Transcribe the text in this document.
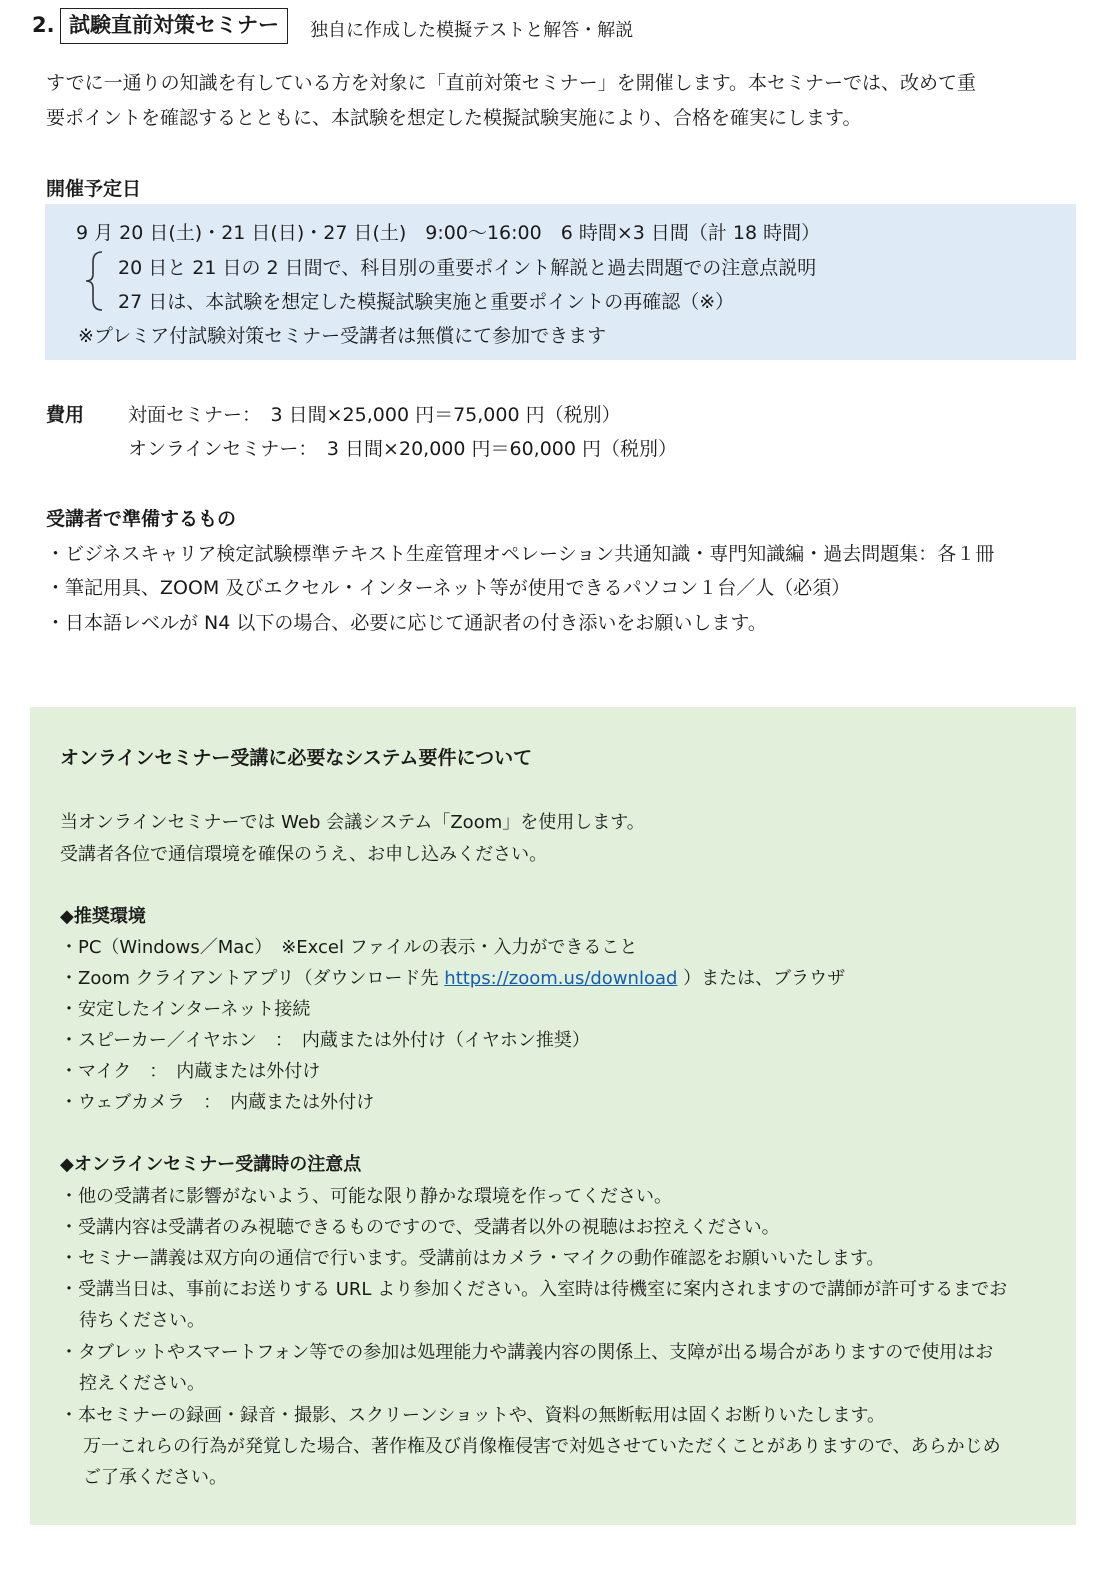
2. 試験直前対策セミナー	独自に作成した模擬テストと解答・解説
すでに一通りの知識を有している方を対象に「直前対策セミナー」を開催します。本セミナーでは、改めて重
要ポイントを確認するとともに、本試験を想定した模擬試験実施により、合格を確実にします。
開催予定日
9 月 20 日(土)・21 日(日)・27 日(土)　9:00〜16:00　6 時間×3 日間（計 18 時間）
20 日と 21 日の 2 日間で、科目別の重要ポイント解説と過去問題での注意点説明
27 日は、本試験を想定した模擬試験実施と重要ポイントの再確認（※）
※プレミア付試験対策セミナー受講者は無償にて参加できます
費用 対面セミナー：　3 日間×25,000 円＝75,000 円（税別）
オンラインセミナー：　3 日間×20,000 円＝60,000 円（税別）
受講者で準備するもの
・ビジネスキャリア検定試験標準テキスト生産管理オペレーション共通知識・専門知識編・過去問題集：各１冊
・筆記用具、ZOOM 及びエクセル・インターネット等が使用できるパソコン１台／人（必須）
・日本語レベルが N4 以下の場合、必要に応じて通訳者の付き添いをお願いします。
オンラインセミナー受講に必要なシステム要件について
当オンラインセミナーでは Web 会議システム「Zoom」を使用します。
受講者各位で通信環境を確保のうえ、お申し込みください。
◆推奨環境
・PC（Windows／Mac）　※Excel ファイルの表示・入力ができること
・Zoom クライアントアプリ（ダウンロード先 https://zoom.us/download ）または、ブラウザ
・安定したインターネット接続
・スピーカー／イヤホン　：　内蔵または外付け（イヤホン推奨）
・マイク　：　内蔵または外付け
・ウェブカメラ　：　内蔵または外付け
◆オンラインセミナー受講時の注意点
・他の受講者に影響がないよう、可能な限り静かな環境を作ってください。
・受講内容は受講者のみ視聴できるものですので、受講者以外の視聴はお控えください。
・セミナー講義は双方向の通信で行います。受講前はカメラ・マイクの動作確認をお願いいたします。
・受講当日は、事前にお送りする URL より参加ください。入室時は待機室に案内されますので講師が許可するまでお
待ちください。
・タブレットやスマートフォン等での参加は処理能力や講義内容の関係上、支障が出る場合がありますので使用はお
控えください。
・本セミナーの録画・録音・撮影、スクリーンショットや、資料の無断転用は固くお断りいたします。
万一これらの行為が発覚した場合、著作権及び肖像権侵害で対処させていただくことがありますので、あらかじめ
ご了承ください。
